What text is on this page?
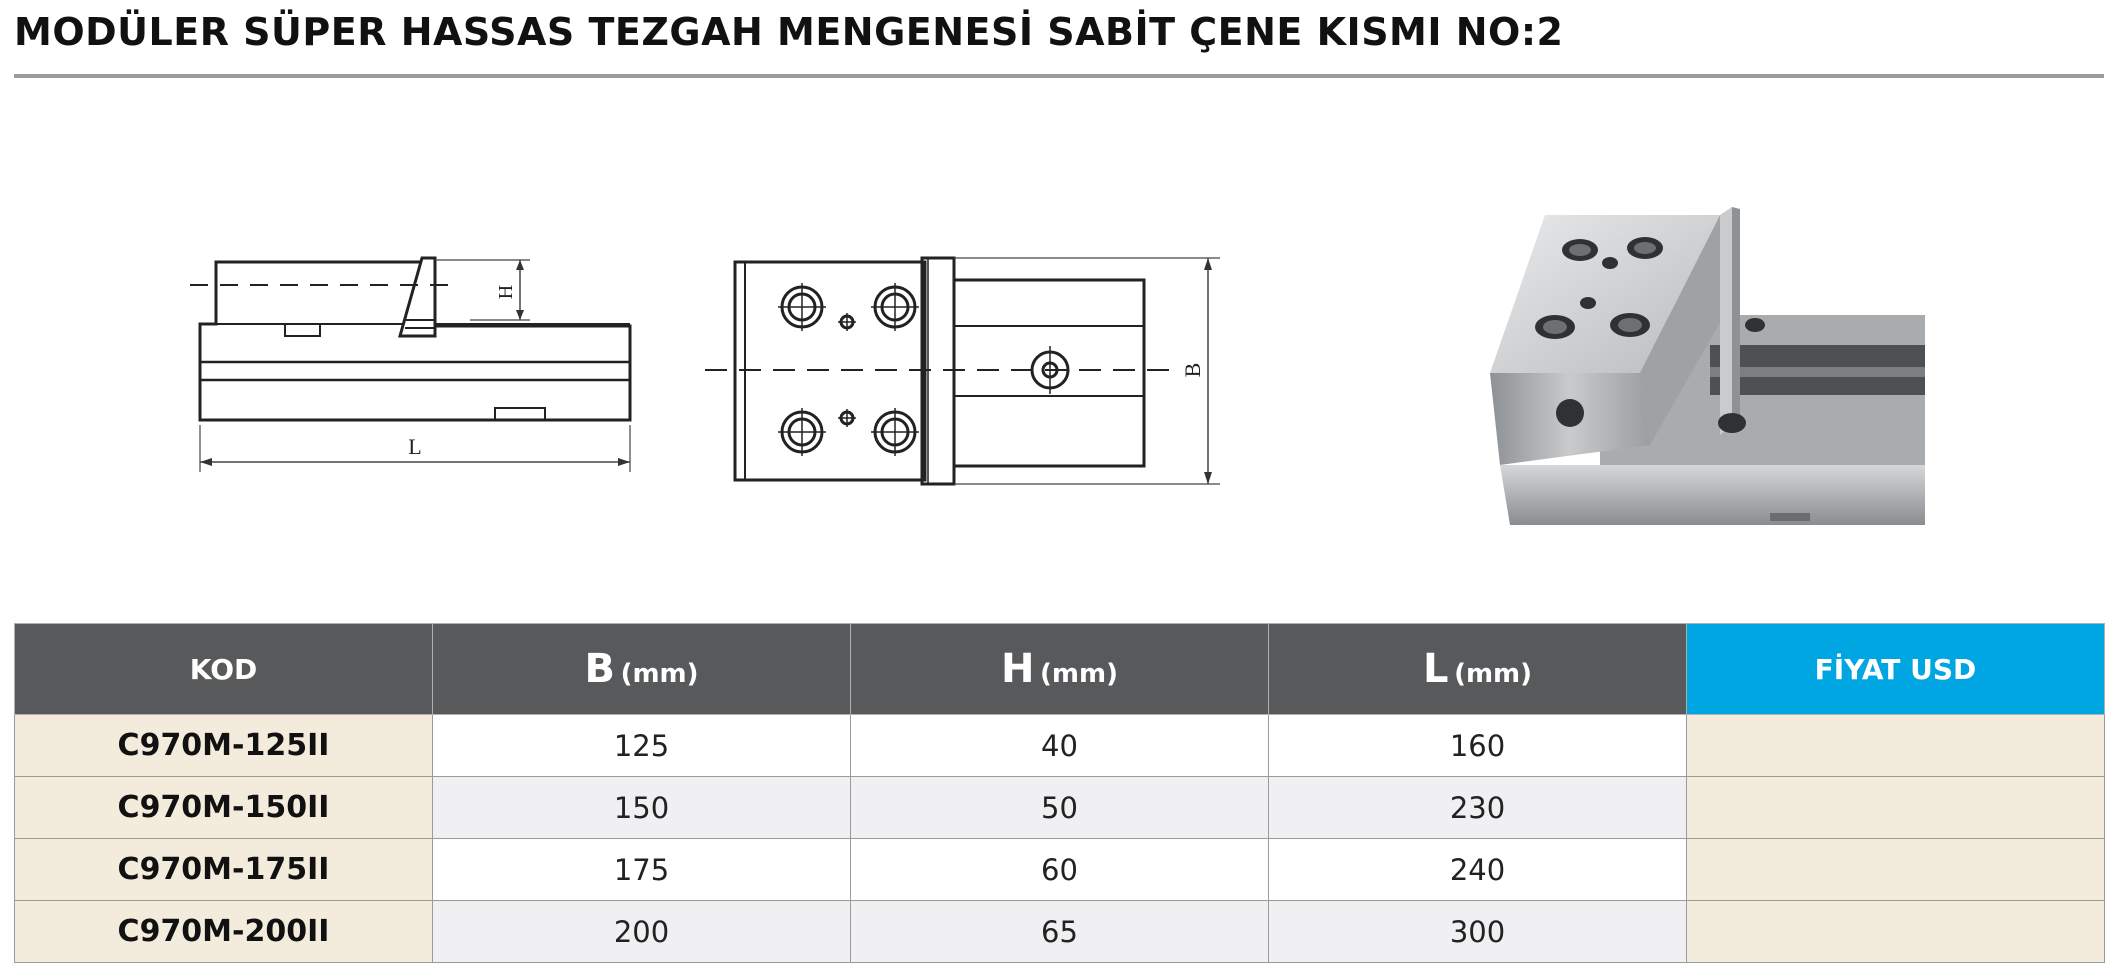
MODÜLER SÜPER HASSAS TEZGAH MENGENESİ SABİT ÇENE KISMI NO:2
H
L
B
KOD	B (mm)	H (mm)	L (mm)	FİYAT USD
C970M-125II	125	40	160	
C970M-150II	150	50	230	
C970M-175II	175	60	240	
C970M-200II	200	65	300	
